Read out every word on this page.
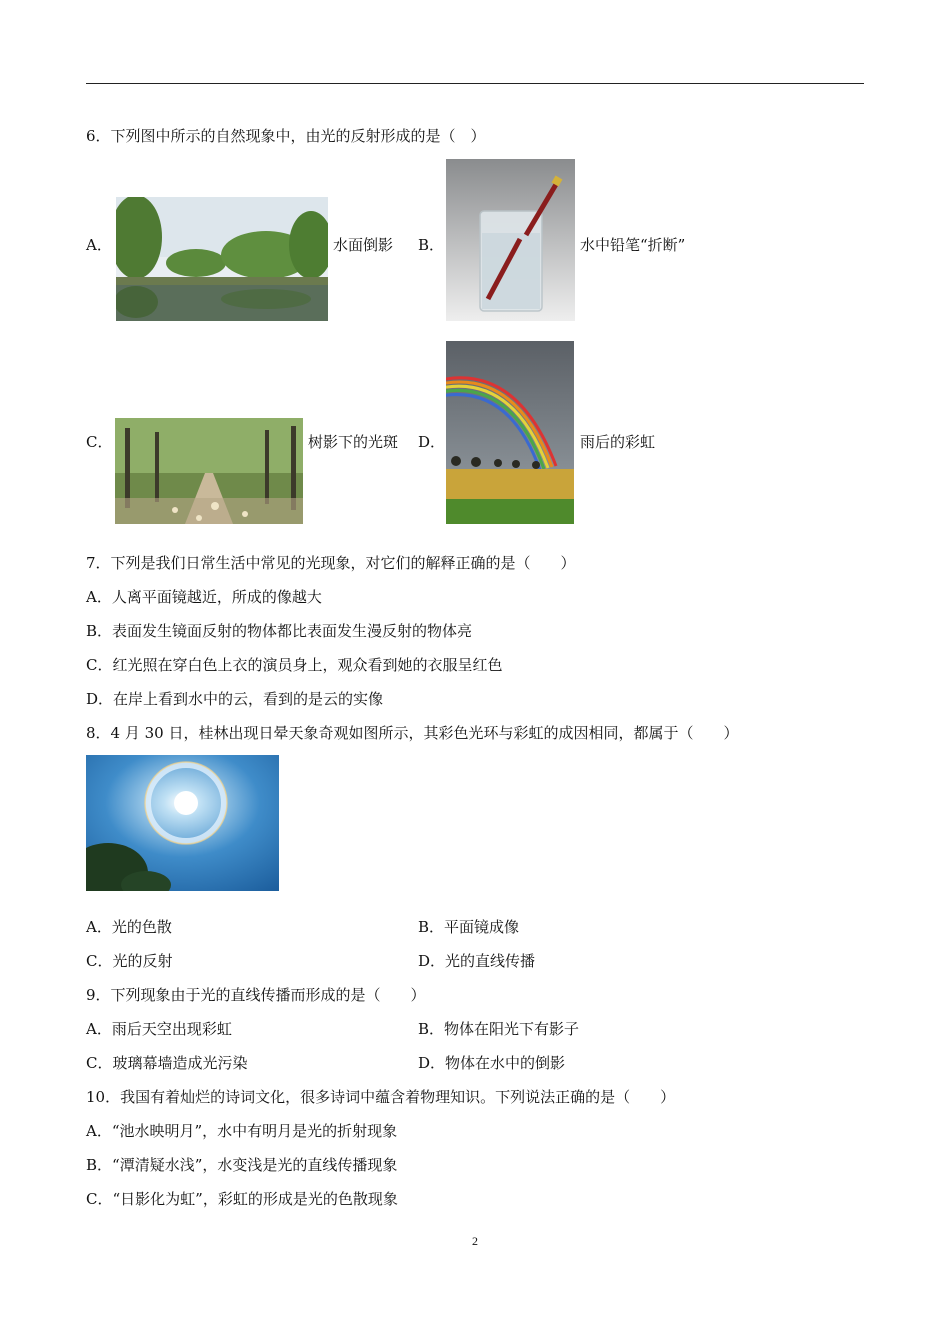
6．下列图中所示的自然现象中，由光的反射形成的是（　）
A．	水面倒影 B．	水中铅笔“折断”
C．	树影下的光斑 D．	雨后的彩虹
7．下列是我们日常生活中常见的光现象，对它们的解释正确的是（　　）
A．人离平面镜越近，所成的像越大
B．表面发生镜面反射的物体都比表面发生漫反射的物体亮
C．红光照在穿白色上衣的演员身上，观众看到她的衣服呈红色
D．在岸上看到水中的云，看到的是云的实像
8．4 月 30 日，桂林出现日晕天象奇观如图所示，其彩色光环与彩虹的成因相同，都属于（　　）
A．光的色散	B．平面镜成像
C．光的反射	D．光的直线传播
9．下列现象由于光的直线传播而形成的是（　　）
A．雨后天空出现彩虹	B．物体在阳光下有影子
C．玻璃幕墙造成光污染	D．物体在水中的倒影
10．我国有着灿烂的诗词文化，很多诗词中蕴含着物理知识。下列说法正确的是（　　）
A．“池水映明月”，水中有明月是光的折射现象
B．“潭清疑水浅”，水变浅是光的直线传播现象
C．“日影化为虹”，彩虹的形成是光的色散现象
2
